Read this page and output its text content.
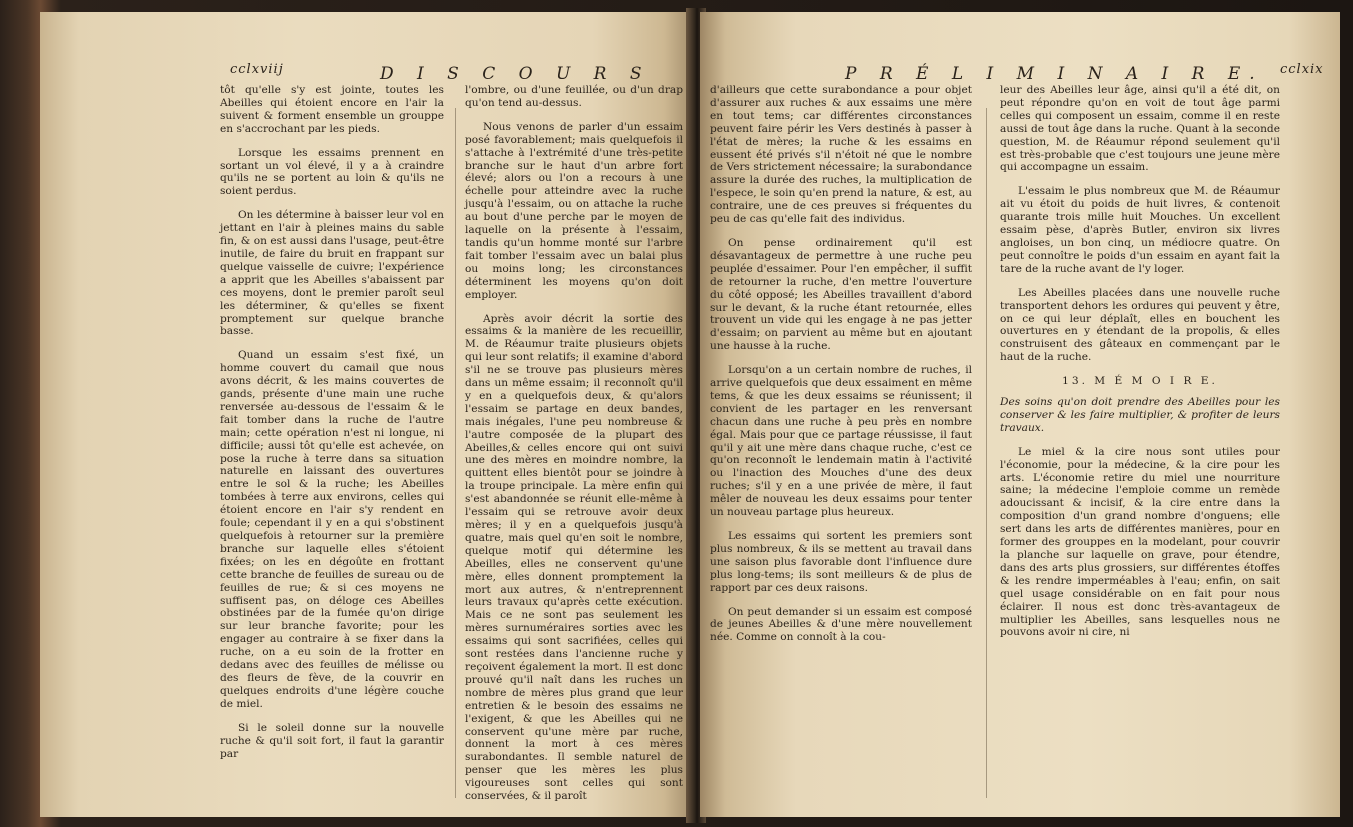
cclxviij	D I S C O U R S

tôt qu'elle s'y est jointe, toutes les Abeilles qui étoient encore en l'air la suivent & forment ensemble un grouppe en s'accrochant par les pieds.

Lorsque les essaims prennent en sortant un vol élevé, il y a à craindre qu'ils ne se portent au loin & qu'ils ne soient perdus.

On les détermine à baisser leur vol en jettant en l'air à pleines mains du sable fin, & on est aussi dans l'usage, peut-être inutile, de faire du bruit en frappant sur quelque vaisselle de cuivre; l'expérience a apprit que les Abeilles s'abaissent par ces moyens, dont le premier paroît seul les déterminer, & qu'elles se fixent promptement sur quelque branche basse.

Quand un essaim s'est fixé, un homme couvert du camail que nous avons décrit, & les mains couvertes de gands, présente d'une main une ruche renversée au-dessous de l'essaim & le fait tomber dans la ruche de l'autre main; cette opération n'est ni longue, ni difficile; aussi tôt qu'elle est achevée, on pose la ruche à terre dans sa situation naturelle en laissant des ouvertures entre le sol & la ruche; les Abeilles tombées à terre aux environs, celles qui étoient encore en l'air s'y rendent en foule; cependant il y en a qui s'obstinent quelquefois à retourner sur la première branche sur laquelle elles s'étoient fixées; on les en dégoûte en frottant cette branche de feuilles de sureau ou de feuilles de rue; & si ces moyens ne suffisent pas, on déloge ces Abeilles obstinées par de la fumée qu'on dirige sur leur branche favorite; pour les engager au contraire à se fixer dans la ruche, on a eu soin de la frotter en dedans avec des feuilles de mélisse ou des fleurs de fève, de la couvrir en quelques endroits d'une légère couche de miel.

Si le soleil donne sur la nouvelle ruche & qu'il soit fort, il faut la garantir par

l'ombre, ou d'une feuillée, ou d'un drap qu'on tend au-dessus.

Nous venons de parler d'un essaim posé favorablement; mais quelquefois il s'attache à l'extrémité d'une très-petite branche sur le haut d'un arbre fort élevé; alors ou l'on a recours à une échelle pour atteindre avec la ruche jusqu'à l'essaim, ou on attache la ruche au bout d'une perche par le moyen de laquelle on la présente à l'essaim, tandis qu'un homme monté sur l'arbre fait tomber l'essaim avec un balai plus ou moins long; les circonstances déterminent les moyens qu'on doit employer.

Après avoir décrit la sortie des essaims & la manière de les recueillir, M. de Réaumur traite plusieurs objets qui leur sont relatifs; il examine d'abord s'il ne se trouve pas plusieurs mères dans un même essaim; il reconnoît qu'il y en a quelquefois deux, & qu'alors l'essaim se partage en deux bandes, mais inégales, l'une peu nombreuse & l'autre composée de la plupart des Abeilles,& celles encore qui ont suivi une des mères en moindre nombre, la quittent elles bientôt pour se joindre à la troupe principale. La mère enfin qui s'est abandonnée se réunit elle-même à l'essaim qui se retrouve avoir deux mères; il y en a quelquefois jusqu'à quatre, mais quel qu'en soit le nombre, quelque motif qui détermine les Abeilles, elles ne conservent qu'une mère, elles donnent promptement la mort aux autres, & n'entreprennent leurs travaux qu'après cette exécution. Mais ce ne sont pas seulement les mères surnuméraires sorties avec les essaims qui sont sacrifiées, celles qui sont restées dans l'ancienne ruche y reçoivent également la mort. Il est donc prouvé qu'il naît dans les ruches un nombre de mères plus grand que leur entretien & le besoin des essaims ne l'exigent, & que les Abeilles qui ne conservent qu'une mère par ruche, donnent la mort à ces mères surabondantes. Il semble naturel de penser que les mères les plus vigoureuses sont celles qui sont conservées, & il paroît

P R É L I M I N A I R E. cclxix

d'ailleurs que cette surabondance a pour objet d'assurer aux ruches & aux essaims une mère en tout tems; car différentes circonstances peuvent faire périr les Vers destinés à passer à l'état de mères; la ruche & les essaims en eussent été privés s'il n'étoit né que le nombre de Vers strictement nécessaire; la surabondance assure la durée des ruches, la multiplication de l'espece, le soin qu'en prend la nature, & est, au contraire, une de ces preuves si fréquentes du peu de cas qu'elle fait des individus.

On pense ordinairement qu'il est désavantageux de permettre à une ruche peu peuplée d'essaimer. Pour l'en empêcher, il suffit de retourner la ruche, d'en mettre l'ouverture du côté opposé; les Abeilles travaillent d'abord sur le devant, & la ruche étant retournée, elles trouvent un vide qui les engage à ne pas jetter d'essaim; on parvient au même but en ajoutant une hausse à la ruche.

Lorsqu'on a un certain nombre de ruches, il arrive quelquefois que deux essaiment en même tems, & que les deux essaims se réunissent; il convient de les partager en les renversant chacun dans une ruche à peu près en nombre égal. Mais pour que ce partage réussisse, il faut qu'il y ait une mère dans chaque ruche, c'est ce qu'on reconnoît le lendemain matin à l'activité ou l'inaction des Mouches d'une des deux ruches; s'il y en a une privée de mère, il faut mêler de nouveau les deux essaims pour tenter un nouveau partage plus heureux.

Les essaims qui sortent les premiers sont plus nombreux, & ils se mettent au travail dans une saison plus favorable dont l'influence dure plus long-tems; ils sont meilleurs & de plus de rapport par ces deux raisons.

On peut demander si un essaim est composé de jeunes Abeilles & d'une mère nouvellement née. Comme on connoît à la cou-

leur des Abeilles leur âge, ainsi qu'il a été dit, on peut répondre qu'on en voit de tout âge parmi celles qui composent un essaim, comme il en reste aussi de tout âge dans la ruche. Quant à la seconde question, M. de Réaumur répond seulement qu'il est très-probable que c'est toujours une jeune mère qui accompagne un essaim.

L'essaim le plus nombreux que M. de Réaumur ait vu étoit du poids de huit livres, & contenoit quarante trois mille huit Mouches. Un excellent essaim pèse, d'après Butler, environ six livres angloises, un bon cinq, un médiocre quatre. On peut connoître le poids d'un essaim en ayant fait la tare de la ruche avant de l'y loger.

Les Abeilles placées dans une nouvelle ruche transportent dehors les ordures qui peuvent y être, on ce qui leur déplaît, elles en bouchent les ouvertures en y étendant de la propolis, & elles construisent des gâteaux en commençant par le haut de la ruche.

13. M É M O I R E.

Des soins qu'on doit prendre des Abeilles pour les conserver & les faire multiplier, & profiter de leurs travaux.

Le miel & la cire nous sont utiles pour l'économie, pour la médecine, & la cire pour les arts. L'économie retire du miel une nourriture saine; la médecine l'emploie comme un remède adoucissant & incisif, & la cire entre dans la composition d'un grand nombre d'onguens; elle sert dans les arts de différentes manières, pour en former des grouppes en la modelant, pour couvrir la planche sur laquelle on grave, pour étendre, dans des arts plus grossiers, sur différentes étoffes & les rendre imperméables à l'eau; enfin, on sait quel usage considérable on en fait pour nous éclairer. Il nous est donc très-avantageux de multiplier les Abeilles, sans lesquelles nous ne pouvons avoir ni cire, ni
